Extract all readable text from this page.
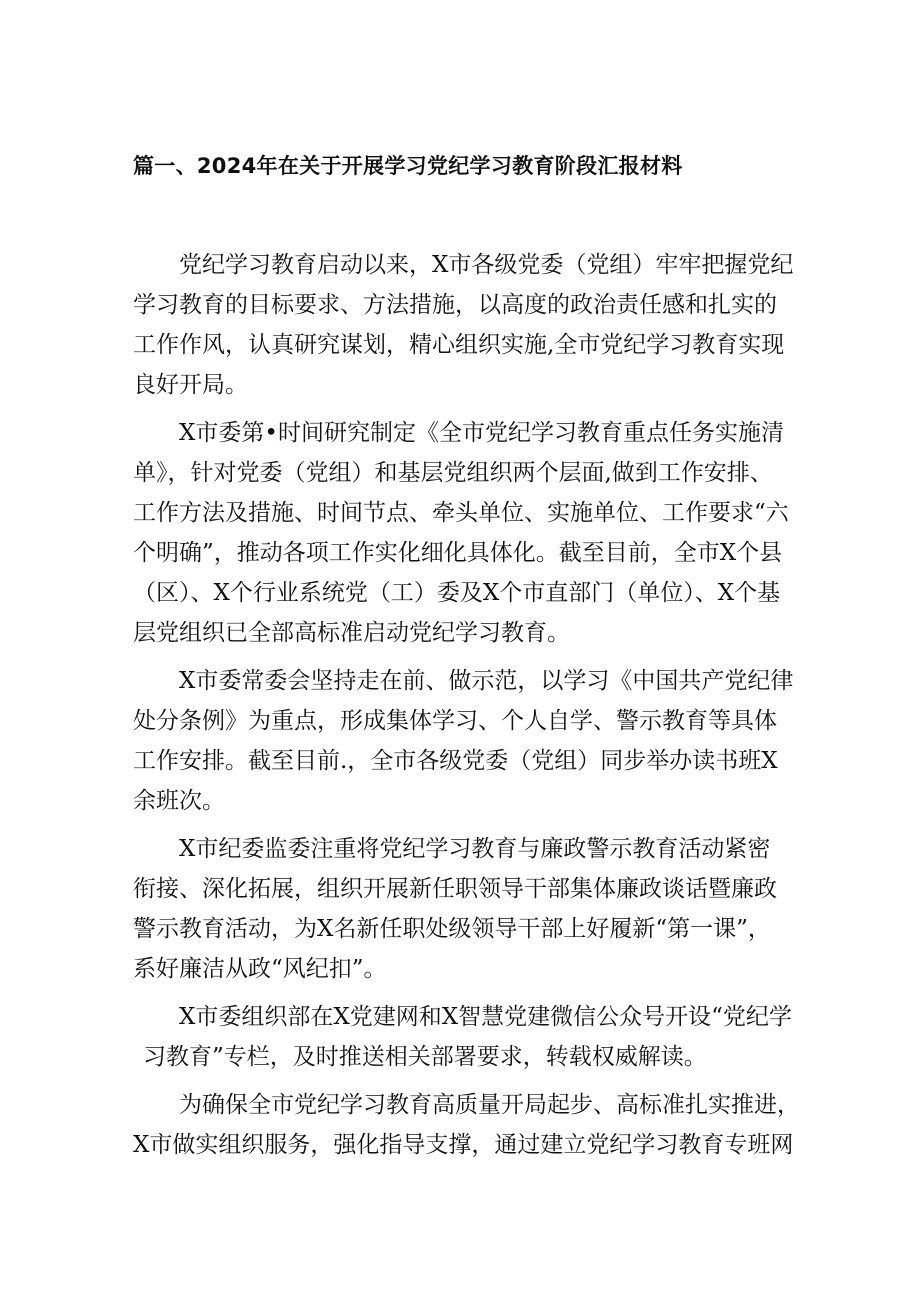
篇一、2024年在关于开展学习党纪学习教育阶段汇报材料
党纪学习教育启动以来，X市各级党委（党组）牢牢把握党纪
学习教育的目标要求、方法措施，以高度的政治责任感和扎实的
工作作风，认真研究谋划，精心组织实施,全市党纪学习教育实现
良好开局。
X市委第•时间研究制定《全市党纪学习教育重点任务实施清
单》，针对党委（党组）和基层党组织两个层面,做到工作安排、
工作方法及措施、时间节点、牵头单位、实施单位、工作要求“六
个明确”，推动各项工作实化细化具体化。截至目前，全市X个县
（区）、X个行业系统党（工）委及X个市直部门（单位）、X个基
层党组织已全部高标准启动党纪学习教育。
X市委常委会坚持走在前、做示范，以学习《中国共产党纪律
处分条例》为重点，形成集体学习、个人自学、警示教育等具体
工作安排。截至目前.，全市各级党委（党组）同步举办读书班X
余班次。
X市纪委监委注重将党纪学习教育与廉政警示教育活动紧密
衔接、深化拓展，组织开展新任职领导干部集体廉政谈话暨廉政
警示教育活动，为X名新任职处级领导干部上好履新“第一课”，
系好廉洁从政“风纪扣”。
X市委组织部在X党建网和X智慧党建微信公众号开设“党纪学
习教育”专栏，及时推送相关部署要求，转载权威解读。
为确保全市党纪学习教育高质量开局起步、高标准扎实推进，
X市做实组织服务，强化指导支撑，通过建立党纪学习教育专班网
